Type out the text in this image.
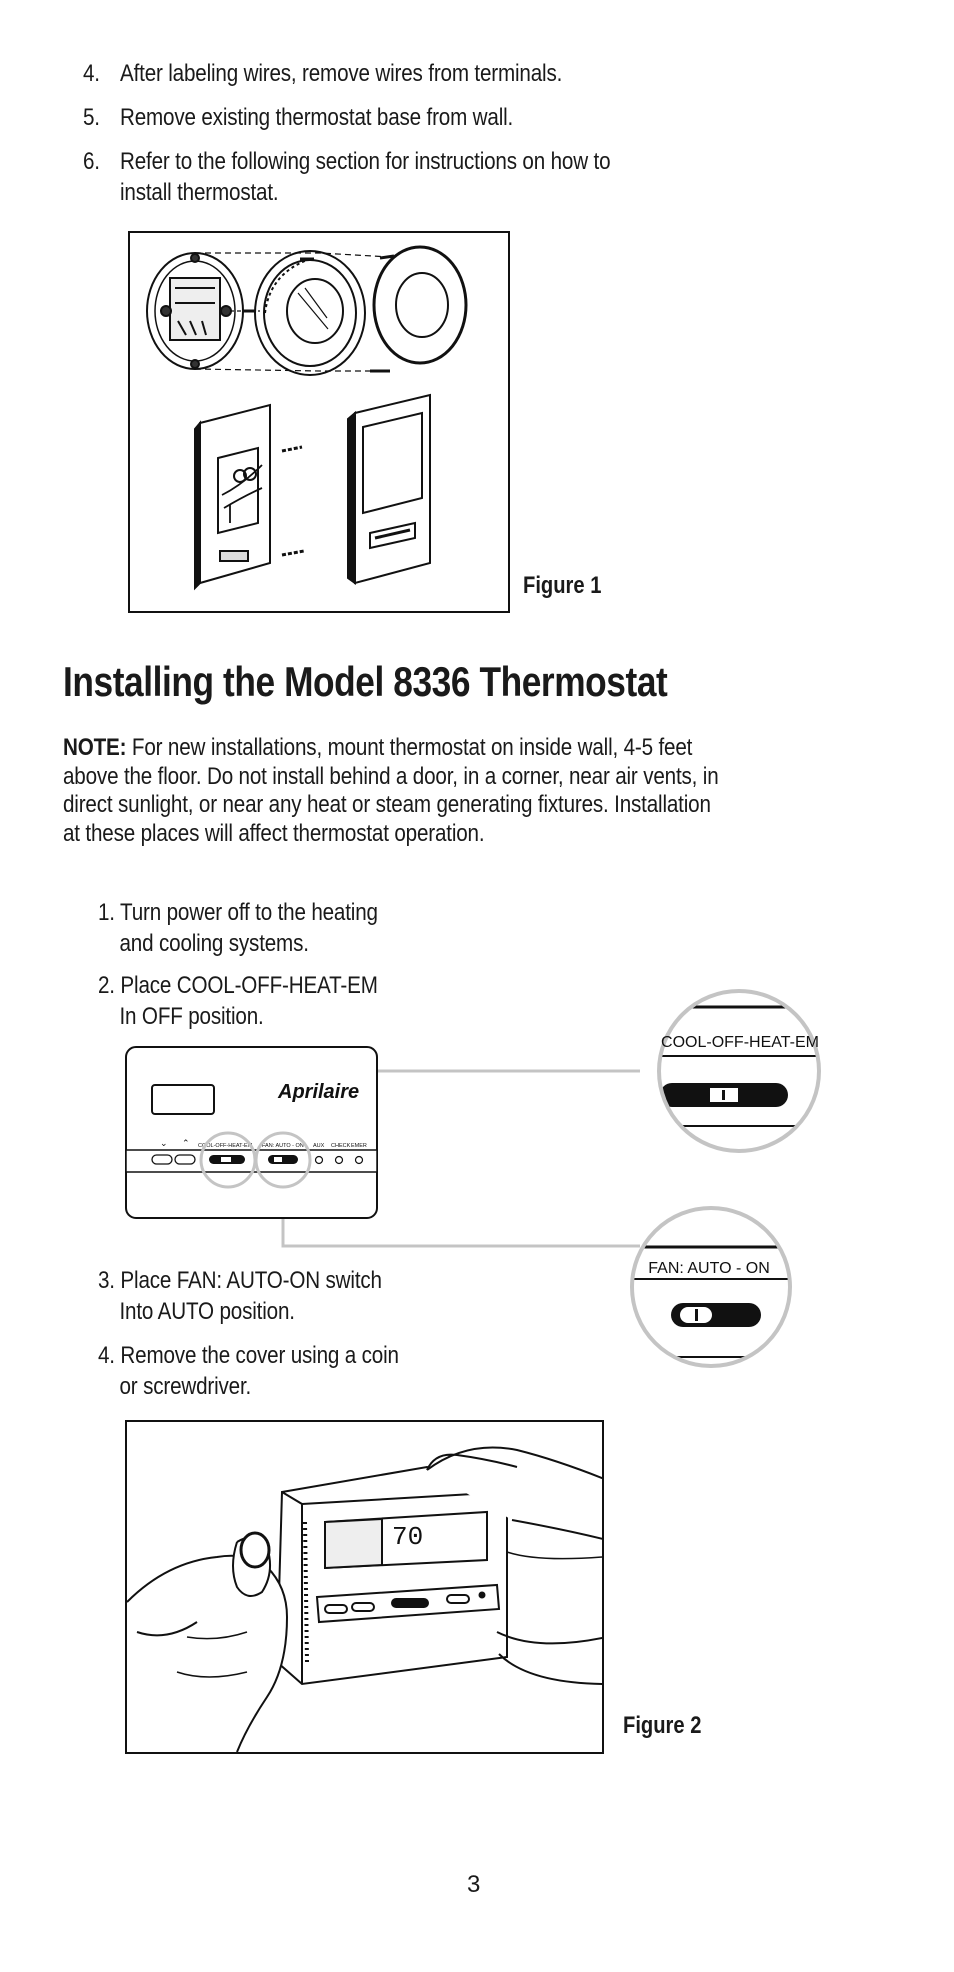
4. After labeling wires, remove wires from terminals.
5. Remove existing thermostat base from wall.
6. Refer to the following section for instructions on how to
install thermostat.
Figure 1
Installing the Model 8336 Thermostat
NOTE: For new installations, mount thermostat on inside wall, 4-5 feet
above the floor. Do not install behind a door, in a corner, near air vents, in
direct sunlight, or near any heat or steam generating fixtures. Installation
at these places will affect thermostat operation.
1. Turn power off to the heating
and cooling systems.
2. Place COOL-OFF-HEAT-EM
In OFF position.
3. Place FAN: AUTO-ON switch
Into AUTO position.
4. Remove the cover using a coin
or screwdriver.
Aprilaire
⌄ ⌃ COOL-OFF-HEAT-EM FAN: AUTO - ON AUX CHECK EMER
COOL-OFF-HEAT-EM
FAN: AUTO - ON
70
Figure 2
3
